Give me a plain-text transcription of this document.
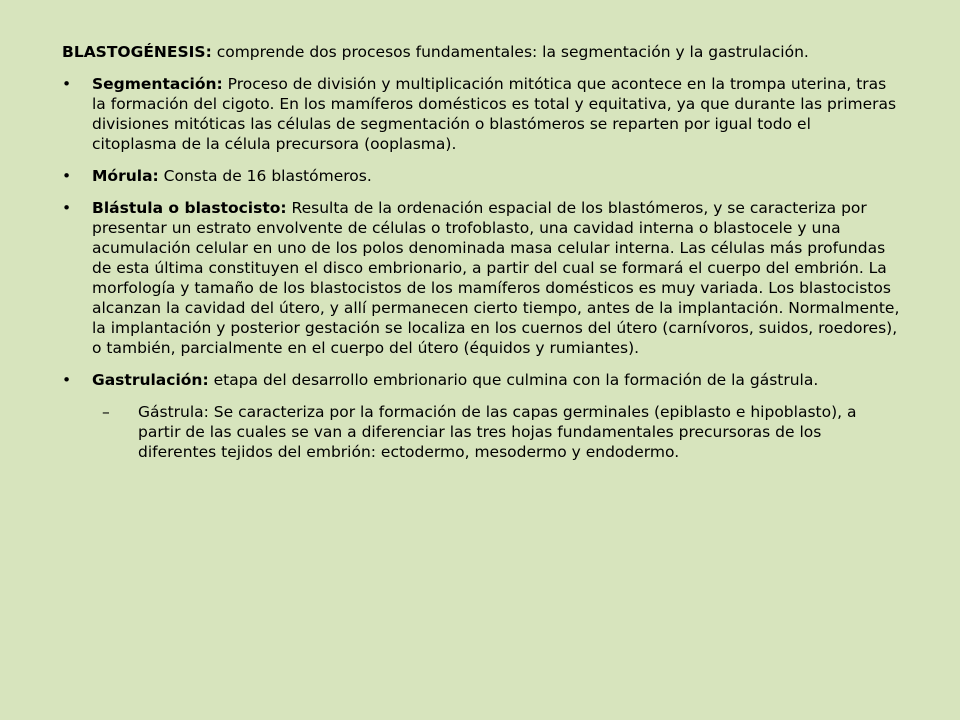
BLASTOGÉNESIS: comprende dos procesos fundamentales: la segmentación y la gastrulación.

• Segmentación: Proceso de división y multiplicación mitótica que acontece en la trompa uterina, tras la formación del cigoto. En los mamíferos domésticos es total y equitativa, ya que durante las primeras divisiones mitóticas las células de segmentación o blastómeros se reparten por igual todo el citoplasma de la célula precursora (ooplasma).
• Mórula: Consta de 16 blastómeros.
• Blástula o blastocisto: Resulta de la ordenación espacial de los blastómeros, y se caracteriza por presentar un estrato envolvente de células o trofoblasto, una cavidad interna o blastocele y una acumulación celular en uno de los polos denominada masa celular interna. Las células más profundas de esta última constituyen el disco embrionario, a partir del cual se formará el cuerpo del embrión. La morfología y tamaño de los blastocistos de los mamíferos domésticos es muy variada. Los blastocistos alcanzan la cavidad del útero, y allí permanecen cierto tiempo, antes de la implantación. Normalmente, la implantación y posterior gestación se localiza en los cuernos del útero (carnívoros, suidos, roedores), o también, parcialmente en el cuerpo del útero (équidos y rumiantes).
• Gastrulación: etapa del desarrollo embrionario que culmina con la formación de la gástrula.
– Gástrula: Se caracteriza por la formación de las capas germinales (epiblasto e hipoblasto), a partir de las cuales se van a diferenciar las tres hojas fundamentales precursoras de los diferentes tejidos del embrión: ectodermo, mesodermo y endodermo.
